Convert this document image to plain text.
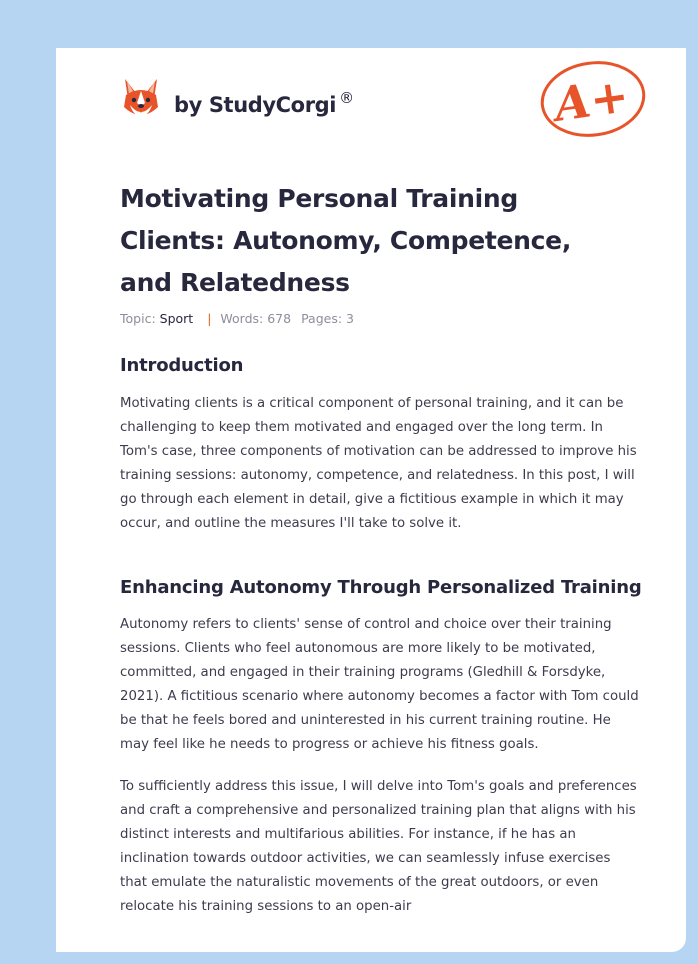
by StudyCorgi ®	A+
Motivating Personal Training Clients: Autonomy, Competence, and Relatedness
Topic: Sport | Words: 678 Pages: 3
Introduction

Motivating clients is a critical component of personal training, and it can be challenging to keep them motivated and engaged over the long term. In Tom's case, three components of motivation can be addressed to improve his training sessions: autonomy, competence, and relatedness. In this post, I will go through each element in detail, give a fictitious example in which it may occur, and outline the measures I'll take to solve it.

Enhancing Autonomy Through Personalized Training

Autonomy refers to clients' sense of control and choice over their training sessions. Clients who feel autonomous are more likely to be motivated, committed, and engaged in their training programs (Gledhill & Forsdyke, 2021). A fictitious scenario where autonomy becomes a factor with Tom could be that he feels bored and uninterested in his current training routine. He may feel like he needs to progress or achieve his fitness goals.

To sufficiently address this issue, I will delve into Tom's goals and preferences and craft a comprehensive and personalized training plan that aligns with his distinct interests and multifarious abilities. For instance, if he has an inclination towards outdoor activities, we can seamlessly infuse exercises that emulate the naturalistic movements of the great outdoors, or even relocate his training sessions to an open-air
